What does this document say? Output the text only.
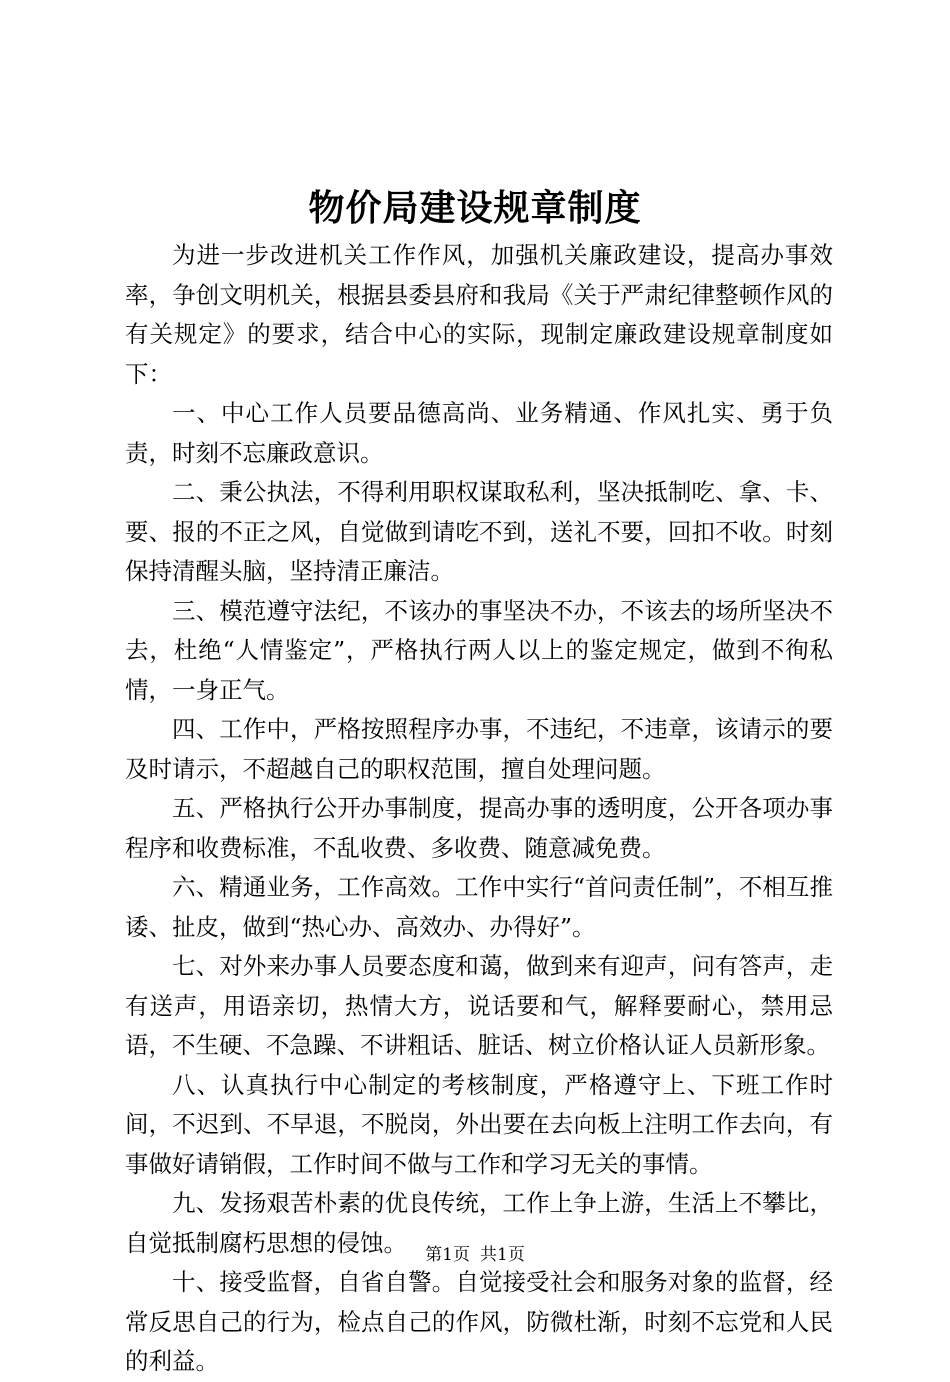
物价局建设规章制度

为进一步改进机关工作作风，加强机关廉政建设，提高办事效率，争创文明机关，根据县委县府和我局《关于严肃纪律整顿作风的有关规定》的要求，结合中心的实际，现制定廉政建设规章制度如下：

一、中心工作人员要品德高尚、业务精通、作风扎实、勇于负责，时刻不忘廉政意识。

二、秉公执法，不得利用职权谋取私利，坚决抵制吃、拿、卡、要、报的不正之风，自觉做到请吃不到，送礼不要，回扣不收。时刻保持清醒头脑，坚持清正廉洁。

三、模范遵守法纪，不该办的事坚决不办，不该去的场所坚决不去，杜绝“人情鉴定”，严格执行两人以上的鉴定规定，做到不徇私情，一身正气。

四、工作中，严格按照程序办事，不违纪，不违章，该请示的要及时请示，不超越自己的职权范围，擅自处理问题。

五、严格执行公开办事制度，提高办事的透明度，公开各项办事程序和收费标准，不乱收费、多收费、随意减免费。

六、精通业务，工作高效。工作中实行“首问责任制”，不相互推诿、扯皮，做到“热心办、高效办、办得好”。

七、对外来办事人员要态度和蔼，做到来有迎声，问有答声，走有送声，用语亲切，热情大方，说话要和气，解释要耐心，禁用忌语，不生硬、不急躁、不讲粗话、脏话、树立价格认证人员新形象。

八、认真执行中心制定的考核制度，严格遵守上、下班工作时间，不迟到、不早退，不脱岗，外出要在去向板上注明工作去向，有事做好请销假，工作时间不做与工作和学习无关的事情。

九、发扬艰苦朴素的优良传统，工作上争上游，生活上不攀比，自觉抵制腐朽思想的侵蚀。

十、接受监督，自省自警。自觉接受社会和服务对象的监督，经常反思自己的行为，检点自己的作风，防微杜渐，时刻不忘党和人民的利益。

第1页 共1页
